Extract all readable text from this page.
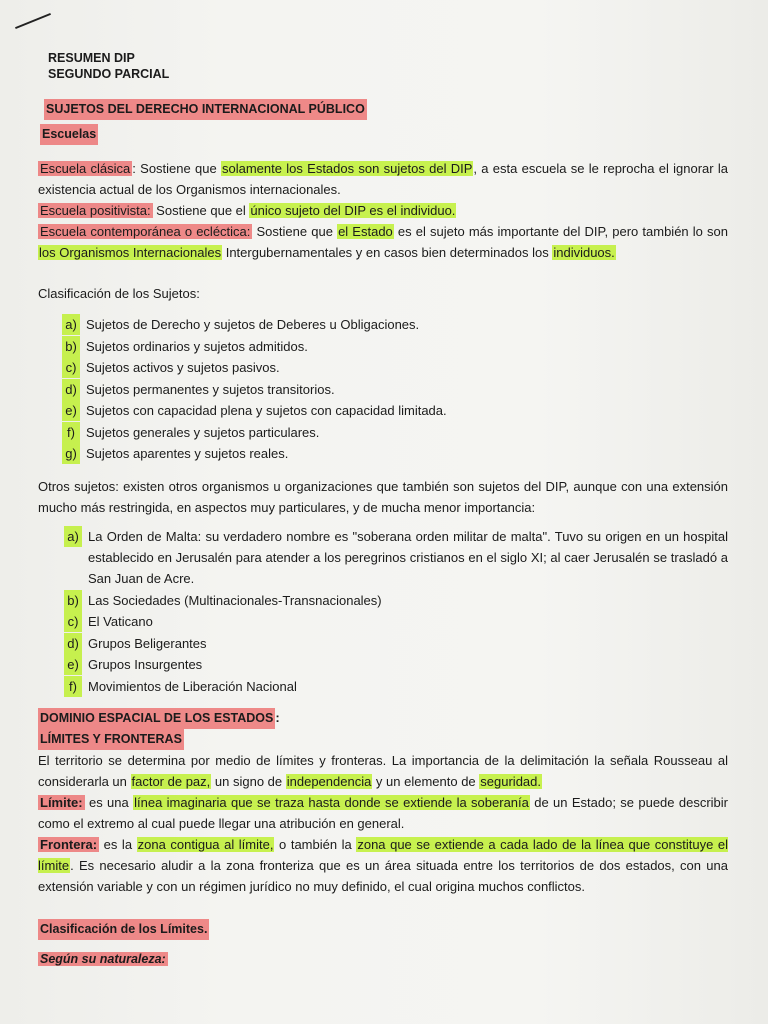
RESUMEN DIP
SEGUNDO PARCIAL
SUJETOS DEL DERECHO INTERNACIONAL PÚBLICO
Escuelas

Escuela clásica : Sostiene que solamente los Estados son sujetos del DIP, a esta escuela se le reprocha el ignorar la existencia actual de los Organismos internacionales.

Escuela positivista: Sostiene que el único sujeto del DIP es el individuo.

Escuela contemporánea o ecléctica: Sostiene que el Estado es el sujeto más importante del DIP, pero también lo son los Organismos Internacionales Intergubernamentales y en casos bien determinados los individuos.

Clasificación de los Sujetos:

a) Sujetos de Derecho y sujetos de Deberes u Obligaciones.
b) Sujetos ordinarios y sujetos admitidos.
c) Sujetos activos y sujetos pasivos.
d) Sujetos permanentes y sujetos transitorios.
e) Sujetos con capacidad plena y sujetos con capacidad limitada.
f) Sujetos generales y sujetos particulares.
g) Sujetos aparentes y sujetos reales.

Otros sujetos: existen otros organismos u organizaciones que también son sujetos del DIP, aunque con una extensión mucho más restringida, en aspectos muy particulares, y de mucha menor importancia:

a) La Orden de Malta: su verdadero nombre es "soberana orden militar de malta". Tuvo su origen en un hospital establecido en Jerusalén para atender a los peregrinos cristianos en el siglo XI; al caer Jerusalén se trasladó a San Juan de Acre.
b) Las Sociedades (Multinacionales-Transnacionales)
c) El Vaticano
d) Grupos Beligerantes
e) Grupos Insurgentes
f) Movimientos de Liberación Nacional
DOMINIO ESPACIAL DE LOS ESTADOS :
LÍMITES Y FRONTERAS

El territorio se determina por medio de límites y fronteras. La importancia de la delimitación la señala Rousseau al considerarla un factor de paz, un signo de independencia y un elemento de seguridad.

Límite: es una línea imaginaria que se traza hasta donde se extiende la soberanía de un Estado; se puede describir como el extremo al cual puede llegar una atribución en general.

Frontera: es la zona contigua al límite, o también la zona que se extiende a cada lado de la línea que constituye el límite. Es necesario aludir a la zona fronteriza que es un área situada entre los territorios de dos estados, con una extensión variable y con un régimen jurídico no muy definido, el cual origina muchos conflictos.

Clasificación de los Límites.
Según su naturaleza:
